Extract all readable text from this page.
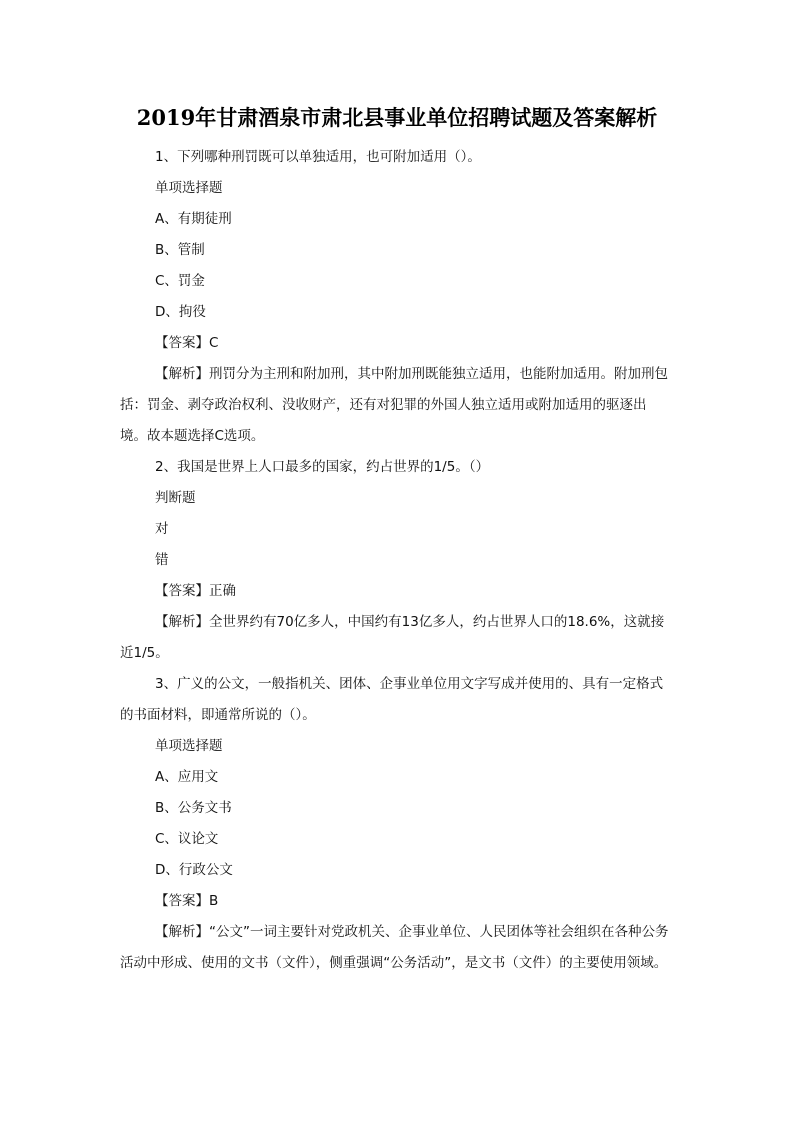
2019年甘肃酒泉市肃北县事业单位招聘试题及答案解析
1、下列哪种刑罚既可以单独适用，也可附加适用（）。
单项选择题
A、有期徒刑
B、管制
C、罚金
D、拘役
【答案】C
【解析】刑罚分为主刑和附加刑，其中附加刑既能独立适用，也能附加适用。附加刑包括：罚金、剥夺政治权利、没收财产，还有对犯罪的外国人独立适用或附加适用的驱逐出境。故本题选择C选项。
2、我国是世界上人口最多的国家，约占世界的1/5。（）
判断题
对
错
【答案】正确
【解析】全世界约有70亿多人，中国约有13亿多人，约占世界人口的18.6%，这就接近1/5。
3、广义的公文，一般指机关、团体、企事业单位用文字写成并使用的、具有一定格式的书面材料，即通常所说的（）。
单项选择题
A、应用文
B、公务文书
C、议论文
D、行政公文
【答案】B
【解析】“公文”一词主要针对党政机关、企事业单位、人民团体等社会组织在各种公务活动中形成、使用的文书（文件），侧重强调“公务活动”，是文书（文件）的主要使用领域。
